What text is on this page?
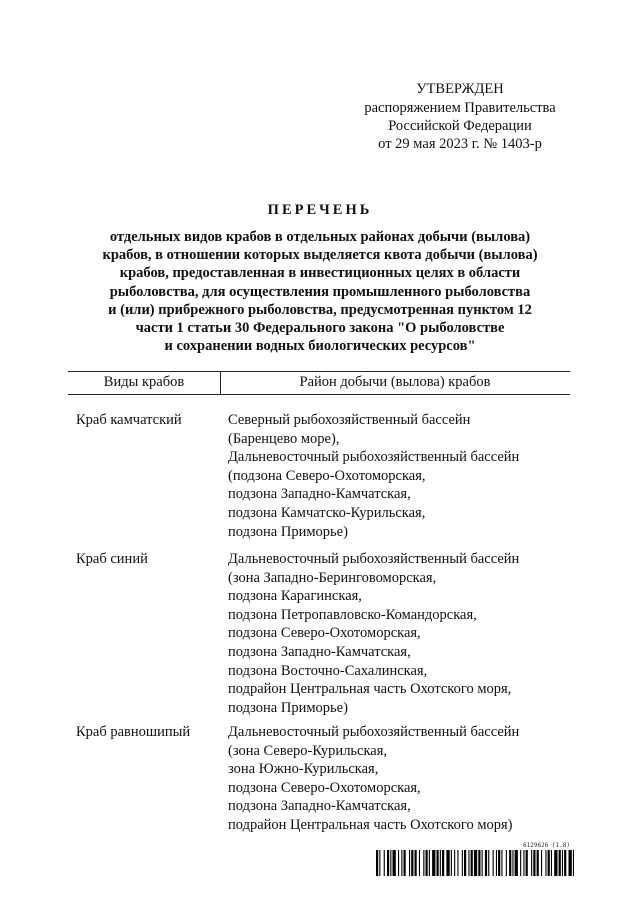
УТВЕРЖДЕН
распоряжением Правительства
Российской Федерации
от 29 мая 2023 г. № 1403-р
ПЕРЕЧЕНЬ
отдельных видов крабов в отдельных районах добычи (вылова)
крабов, в отношении которых выделяется квота добычи (вылова)
крабов, предоставленная в инвестиционных целях в области
рыболовства, для осуществления промышленного рыболовства
и (или) прибрежного рыболовства, предусмотренная пунктом 12
части 1 статьи 30 Федерального закона "О рыболовстве
и сохранении водных биологических ресурсов"
Виды крабов	Район добычи (вылова) крабов
Краб камчатский	Северный рыбохозяйственный бассейн
(Баренцево море),
Дальневосточный рыбохозяйственный бассейн
(подзона Северо-Охотоморская,
подзона Западно-Камчатская,
подзона Камчатско-Курильская,
подзона Приморье)
Краб синий	Дальневосточный рыбохозяйственный бассейн
(зона Западно-Беринговоморская,
подзона Карагинская,
подзона Петропавловско-Командорская,
подзона Северо-Охотоморская,
подзона Западно-Камчатская,
подзона Восточно-Сахалинская,
подрайон Центральная часть Охотского моря,
подзона Приморье)
Краб равношипый	Дальневосточный рыбохозяйственный бассейн
(зона Северо-Курильская,
зона Южно-Курильская,
подзона Северо-Охотоморская,
подзона Западно-Камчатская,
подрайон Центральная часть Охотского моря)
6129626 (1.8)
